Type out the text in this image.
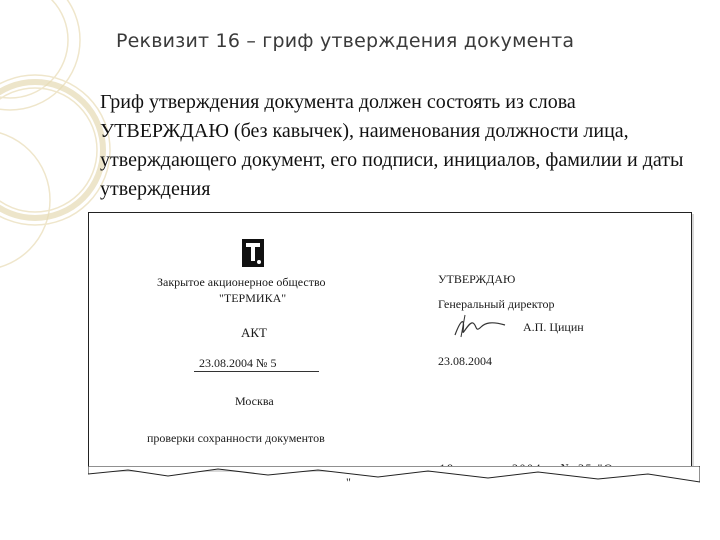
Реквизит 16 – гриф утверждения документа
Гриф утверждения документа должен состоять из слова УТВЕРЖДАЮ (без кавычек), наименования должности лица, утверждающего документ, его подписи, инициалов, фамилии и даты утверждения
Закрытое акционерное общество
"ТЕРМИКА"
АКТ
23.08.2004 № 5
Москва
проверки сохранности документов
УТВЕРЖДАЮ
Генеральный директор
А.П. Цицин
23.08.2004
"
